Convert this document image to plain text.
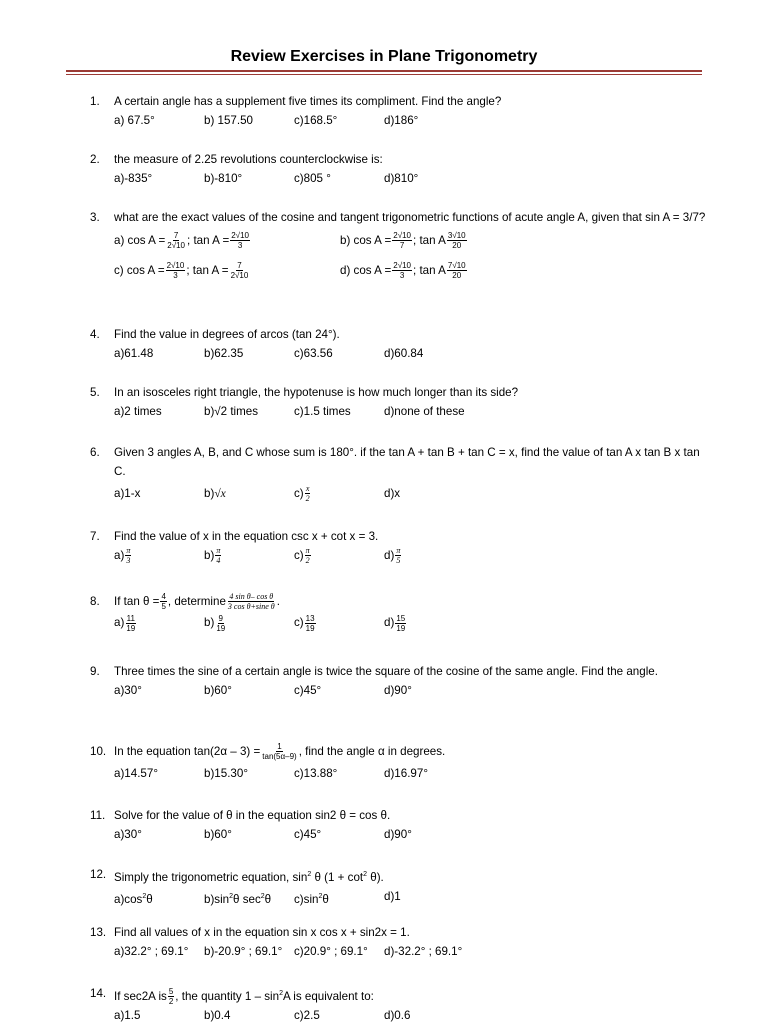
Review Exercises in Plane Trigonometry
1.	A certain angle has a supplement five times its compliment. Find the angle?
a) 67.5°	b) 157.50	c)168.5°	d)186°
2.	the measure of 2.25 revolutions counterclockwise is:
a)-835°	b)-810°	c)805 °	d)810°
3.	what are the exact values of the cosine and tangent trigonometric functions of acute angle A, given that sin A = 3/7?
a) $\cos A = \frac{7}{2√10}$ ; $\tan A = \frac{2√10}{3}$	b) $\cos A = \frac{2√10}{7}$ ; tan A $\frac{3√10}{20}$
c) $\cos A = \frac{2√10}{3}$ ; $\tan A = \frac{7}{2√10}$	d) $\cos A = \frac{2√10}{3}$ ; tan A $\frac{7√10}{20}$
4.	Find the value in degrees of arcos (tan 24°).
a)61.48	b)62.35	c)63.56	d)60.84
5.	In an isosceles right triangle, the hypotenuse is how much longer than its side?
a)2 times	b)√2 times	c)1.5 times	d)none of these
6.	Given 3 angles A, B, and C whose sum is 180°. if the tan A + tan B + tan C = x, find the value of tan A x tan B x tan C.
a)1-x	b)√x	$c) \frac{x}{2}$	d)x
7.	Find the value of x in the equation csc x + cot x = 3.
$a) \frac{\pi}{3}$	$b) \frac{\pi}{4}$	$c) \frac{\pi}{2}$	$d) \frac{\pi}{5}$
8.	If $\tan \theta = \frac{4}{5}$ , determine $\frac{\text{4 sin θ– cos θ}}{\text{3 cos θ+sine θ}}$ .
$a) \frac{11}{19}$	$b) \frac{9}{19}$	$c) \frac{13}{19}$	$d) \frac{15}{19}$
9.	Three times the sine of a certain angle is twice the square of the cosine of the same angle. Find the angle.
a)30°	b)60°	c)45°	d)90°
10. In the equation $\tan(2\alpha - 3) = \frac{1}{\tan(5\alpha-9)}$ , find the angle α in degrees.
a)14.57°	b)15.30°	c)13.88°	d)16.97°
11. Solve for the value of θ in the equation sin2 θ = cos θ.
a)30°	b)60°	c)45°	d)90°
12. Simply the trigonometric equation, $\sin^2 \theta$ $(1 + \cot^2 \theta)$.
$a)\cos^2\theta$	$b)\sin^2\theta$ $\sec^2\theta$ $c)\sin^2\theta$	d)1
13. Find all values of x in the equation sin x cos x + sin2x = 1.
a)32.2° ; 69.1° b)-20.9° ; 69.1° c)20.9° ; 69.1° d)-32.2° ; 69.1°
14. If sec2A is $\frac{5}{2}$ , the quantity $1 - \sin^2A$ is equivalent to:
a)1.5	b)0.4	c)2.5	d)0.6
